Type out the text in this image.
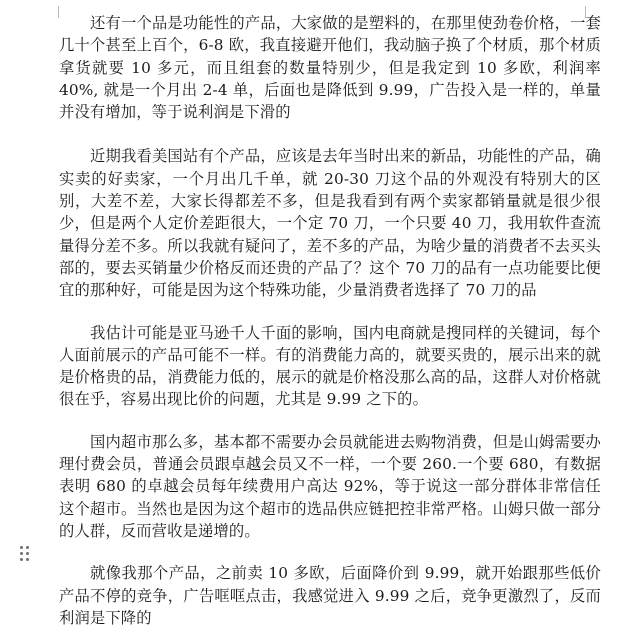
还有一个品是功能性的产品，大家做的是塑料的，在那里使劲卷价格，一套几十个甚至上百个，6-8 欧，我直接避开他们，我动脑子换了个材质，那个材质拿货就要 10 多元，而且组套的数量特别少，但是我定到 10 多欧，利润率 40%, 就是一个月出 2-4 单，后面也是降低到 9.99，广告投入是一样的，单量并没有增加，等于说利润是下滑的

近期我看美国站有个产品，应该是去年当时出来的新品，功能性的产品，确实卖的好卖家，一个月出几千单，就 20-30 刀这个品的外观没有特别大的区别，大差不差，大家长得都差不多，但是我看到有两个卖家都销量就是很少很少，但是两个人定价差距很大，一个定 70 刀，一个只要 40 刀，我用软件查流量得分差不多。所以我就有疑问了，差不多的产品，为啥少量的消费者不去买头部的，要去买销量少价格反而还贵的产品了？这个 70 刀的品有一点功能要比便宜的那种好，可能是因为这个特殊功能，少量消费者选择了 70 刀的品

我估计可能是亚马逊千人千面的影响，国内电商就是搜同样的关键词，每个人面前展示的产品可能不一样。有的消费能力高的，就要买贵的，展示出来的就是价格贵的品，消费能力低的，展示的就是价格没那么高的品，这群人对价格就很在乎，容易出现比价的问题，尤其是 9.99 之下的。

国内超市那么多，基本都不需要办会员就能进去购物消费，但是山姆需要办理付费会员，普通会员跟卓越会员又不一样，一个要 260.一个要 680，有数据表明 680 的卓越会员每年续费用户高达 92%，等于说这一部分群体非常信任这个超市。当然也是因为这个超市的选品供应链把控非常严格。山姆只做一部分的人群，反而营收是递增的。

就像我那个产品，之前卖 10 多欧，后面降价到 9.99，就开始跟那些低价产品不停的竞争，广告哐哐点击，我感觉进入 9.99 之后，竞争更激烈了，反而利润是下降的
